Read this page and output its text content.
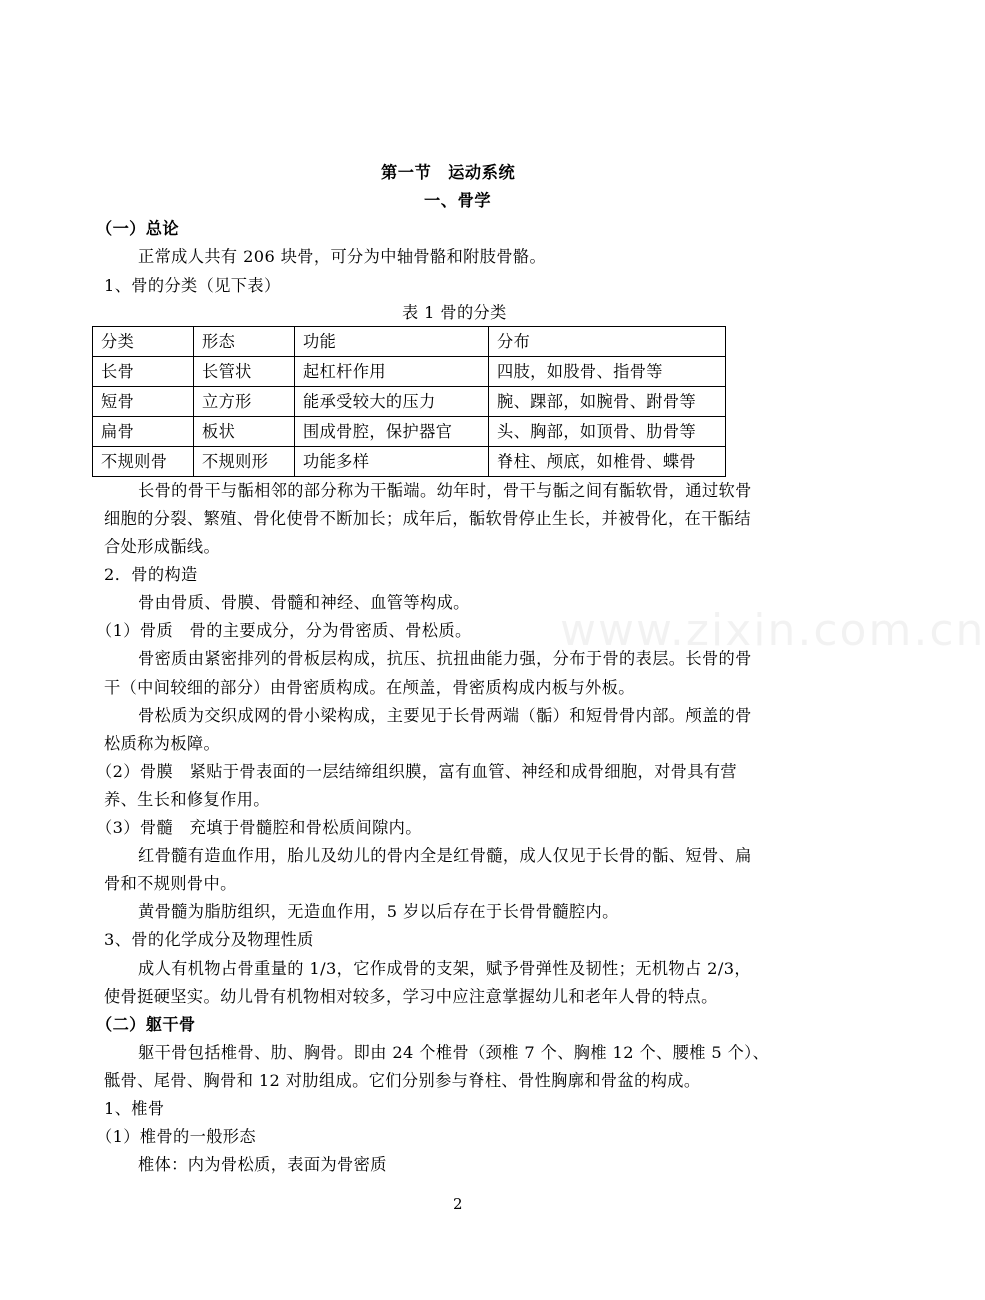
www.zixin.com.cn

第一节　运动系统

一、骨学

（一）总论

正常成人共有 206 块骨，可分为中轴骨骼和附肢骨骼。

1、骨的分类（见下表）

表 1 骨的分类

分类	形态	功能	分布
长骨	长管状	起杠杆作用	四肢，如股骨、指骨等
短骨	立方形	能承受较大的压力	腕、踝部，如腕骨、跗骨等
扁骨	板状	围成骨腔，保护器官	头、胸部，如顶骨、肋骨等
不规则骨	不规则形	功能多样	脊柱、颅底，如椎骨、蝶骨

长骨的骨干与骺相邻的部分称为干骺端。幼年时，骨干与骺之间有骺软骨，通过软骨

细胞的分裂、繁殖、骨化使骨不断加长；成年后，骺软骨停止生长，并被骨化，在干骺结

合处形成骺线。

2．骨的构造

骨由骨质、骨膜、骨髓和神经、血管等构成。

（1）骨质　骨的主要成分，分为骨密质、骨松质。

骨密质由紧密排列的骨板层构成，抗压、抗扭曲能力强，分布于骨的表层。长骨的骨

干（中间较细的部分）由骨密质构成。在颅盖，骨密质构成内板与外板。

骨松质为交织成网的骨小梁构成，主要见于长骨两端（骺）和短骨骨内部。颅盖的骨

松质称为板障。

（2）骨膜　紧贴于骨表面的一层结缔组织膜，富有血管、神经和成骨细胞，对骨具有营

养、生长和修复作用。

（3）骨髓　充填于骨髓腔和骨松质间隙内。

红骨髓有造血作用，胎儿及幼儿的骨内全是红骨髓，成人仅见于长骨的骺、短骨、扁

骨和不规则骨中。

黄骨髓为脂肪组织，无造血作用，5 岁以后存在于长骨骨髓腔内。

3、骨的化学成分及物理性质

成人有机物占骨重量的 1/3，它作成骨的支架，赋予骨弹性及韧性；无机物占 2/3，

使骨挺硬坚实。幼儿骨有机物相对较多，学习中应注意掌握幼儿和老年人骨的特点。

（二）躯干骨

躯干骨包括椎骨、肋、胸骨。即由 24 个椎骨（颈椎 7 个、胸椎 12 个、腰椎 5 个）、

骶骨、尾骨、胸骨和 12 对肋组成。它们分别参与脊柱、骨性胸廓和骨盆的构成。

1、椎骨

（1）椎骨的一般形态

椎体：内为骨松质，表面为骨密质

2
